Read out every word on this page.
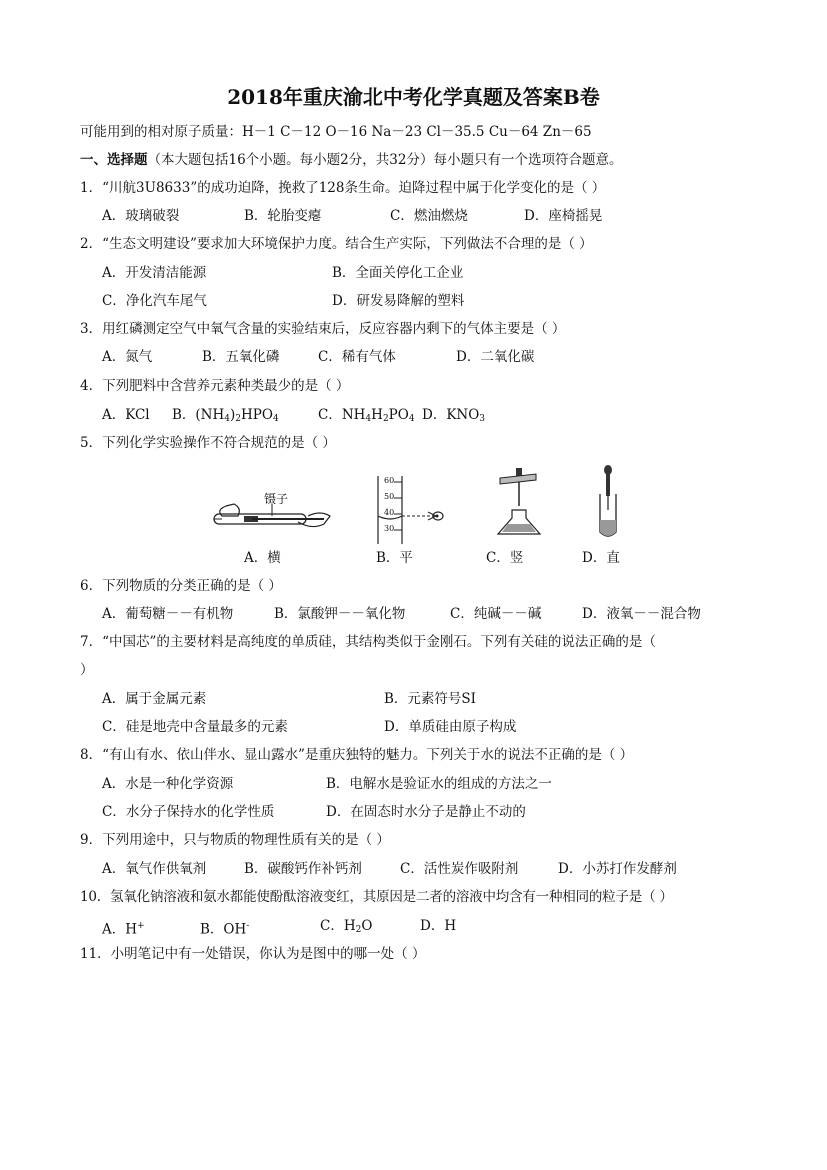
2018年重庆渝北中考化学真题及答案B卷
可能用到的相对原子质量：H－1 C－12 O－16 Na－23 Cl－35.5 Cu－64 Zn－65
一、选择题（本大题包括16个小题。每小题2分，共32分）每小题只有一个选项符合题意。
1．“川航3U8633”的成功迫降，挽救了128条生命。迫降过程中属于化学变化的是（ ）
A．玻璃破裂	B．轮胎变瘪	C．燃油燃烧	D．座椅摇晃
2．“生态文明建设”要求加大环境保护力度。结合生产实际，下列做法不合理的是（ ）
A．开发清洁能源	B．全面关停化工企业
C．净化汽车尾气	D．研发易降解的塑料
3．用红磷测定空气中氧气含量的实验结束后，反应容器内剩下的气体主要是（ ）
A．氮气	B．五氧化磷	C．稀有气体	D．二氧化碳
4．下列肥料中含营养元素种类最少的是（ ）
A．KCl B．$(NH_4)_2HPO_4$	C．$NH_4H_2PO_4$ D．$KNO_3$
5．下列化学实验操作不符合规范的是（ ）
镊子
60
50
40
30
A．横	B．平	C．竖	D．直
6．下列物质的分类正确的是（ ）
A．葡萄糖－－有机物	B．氯酸钾－－氧化物	C．纯碱－－碱	D．液氧－－混合物
7．“中国芯”的主要材料是高纯度的单质硅，其结构类似于金刚石。下列有关硅的说法正确的是（
）
A．属于金属元素	B．元素符号SI
C．硅是地壳中含量最多的元素	D．单质硅由原子构成
8．“有山有水、依山伴水、显山露水”是重庆独特的魅力。下列关于水的说法不正确的是（ ）
A．水是一种化学资源	B．电解水是验证水的组成的方法之一
C．水分子保持水的化学性质	D．在固态时水分子是静止不动的
9．下列用途中，只与物质的物理性质有关的是（ ）
A．氧气作供氧剂	B．碳酸钙作补钙剂	C．活性炭作吸附剂	D．小苏打作发酵剂
10．氢氧化钠溶液和氨水都能使酚酞溶液变红，其原因是二者的溶液中均含有一种相同的粒子是（ ）
A．H+	B．OH-	C．$H_2O$	D．H
11．小明笔记中有一处错误，你认为是图中的哪一处（ ）
